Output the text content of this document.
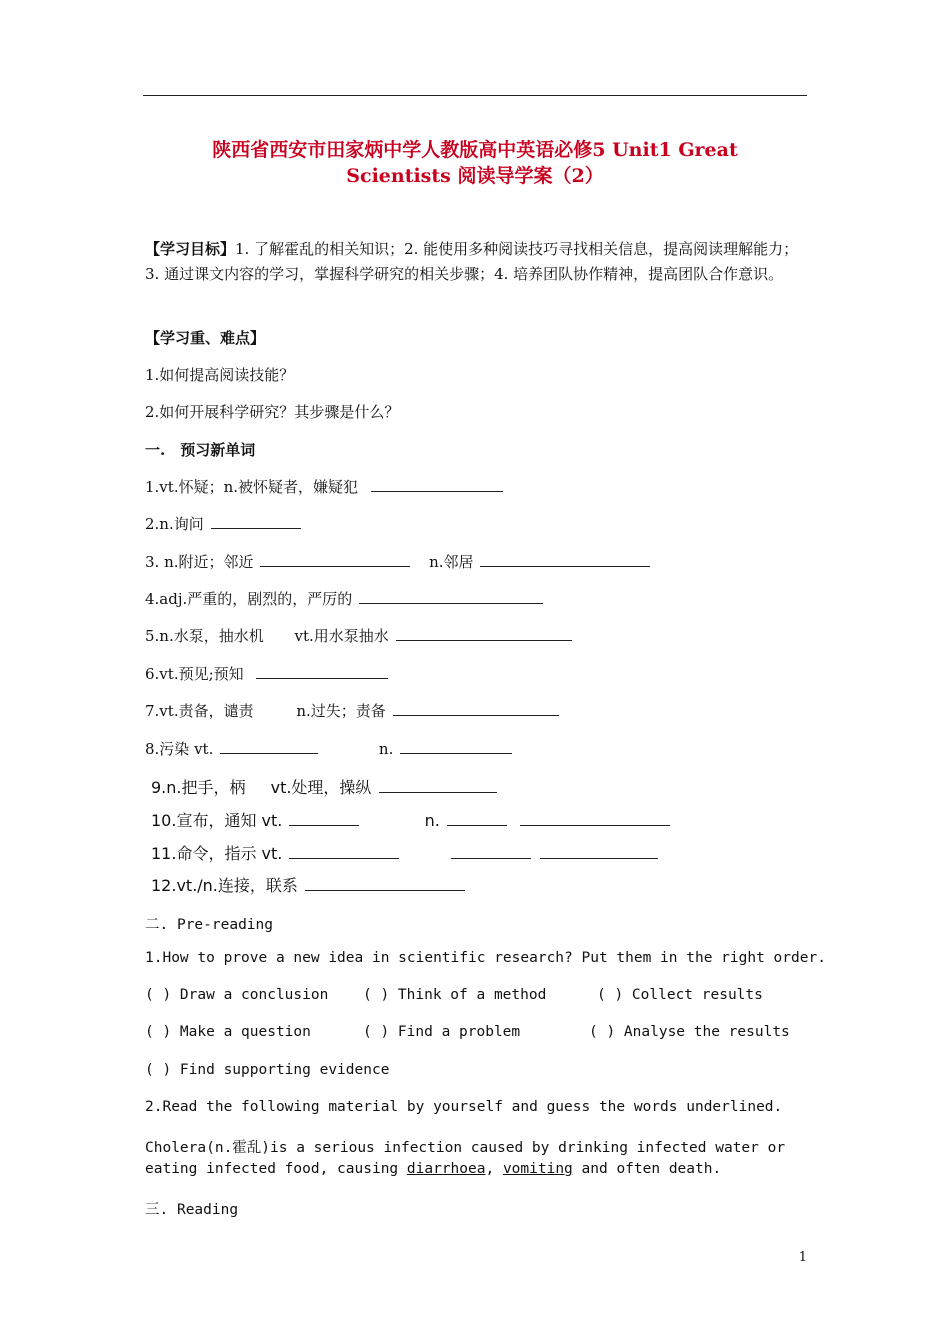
陕西省西安市田家炳中学人教版高中英语必修5 Unit1 Great
Scientists 阅读导学案（2）
【学习目标】1. 了解霍乱的相关知识；2. 能使用多种阅读技巧寻找相关信息，提高阅读理解能力；3. 通过课文内容的学习，掌握科学研究的相关步骤；4. 培养团队协作精神，提高团队合作意识。
【学习重、难点】
1.如何提高阅读技能？
2.如何开展科学研究？其步骤是什么？
一.　预习新单词
1.vt.怀疑；n.被怀疑者，嫌疑犯
2.n.询问
3. n.附近；邻近	n.邻居
4.adj.严重的，剧烈的，严厉的
5.n.水泵，抽水机 vt.用水泵抽水
6.vt.预见;预知
7.vt.责备，谴责	n.过失；责备
8.污染 vt.	n.
9.n.把手，柄 vt.处理，操纵
10.宣布，通知 vt.	n.
11.命令，指示 vt.
12.vt./n.连接，联系
二. Pre-reading
1.How to prove a new idea in scientific research? Put them in the right order.
( ) Draw a conclusion ( ) Think of a method	( ) Collect results
( ) Make a question	( ) Find a problem	( ) Analyse the results
( ) Find supporting evidence
2.Read the following material by yourself and guess the words underlined.
Cholera(n.霍乱)is a serious infection caused by drinking infected water or
eating infected food, causing diarrhoea, vomiting and often death.
三. Reading
1
